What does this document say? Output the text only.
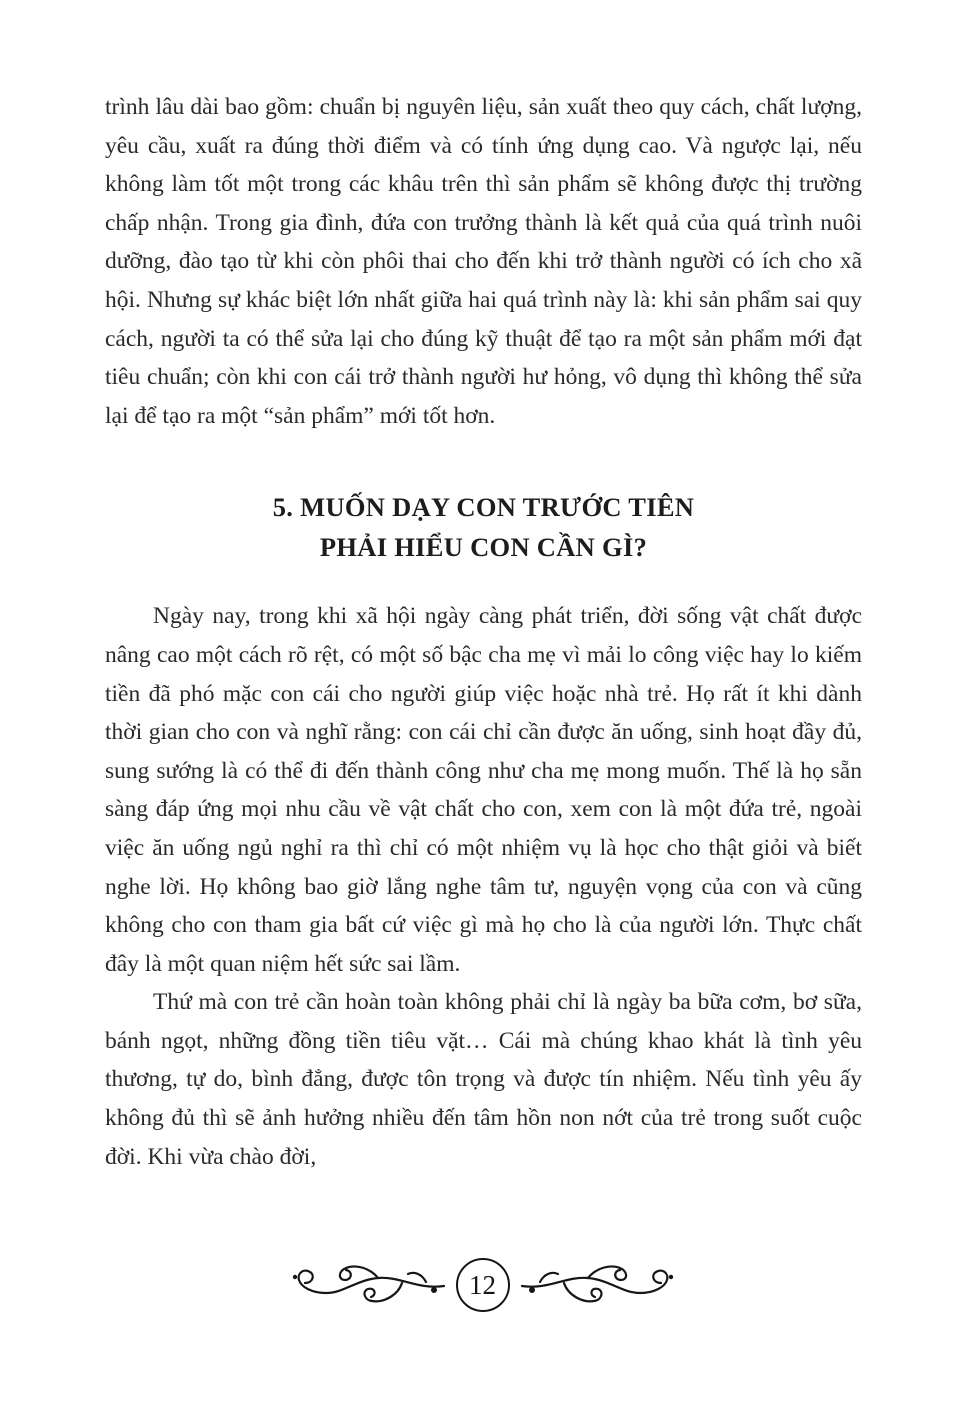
trình lâu dài bao gồm: chuẩn bị nguyên liệu, sản xuất theo quy cách, chất lượng, yêu cầu, xuất ra đúng thời điểm và có tính ứng dụng cao. Và ngược lại, nếu không làm tốt một trong các khâu trên thì sản phẩm sẽ không được thị trường chấp nhận. Trong gia đình, đứa con trưởng thành là kết quả của quá trình nuôi dưỡng, đào tạo từ khi còn phôi thai cho đến khi trở thành người có ích cho xã hội. Nhưng sự khác biệt lớn nhất giữa hai quá trình này là: khi sản phẩm sai quy cách, người ta có thể sửa lại cho đúng kỹ thuật để tạo ra một sản phẩm mới đạt tiêu chuẩn; còn khi con cái trở thành người hư hỏng, vô dụng thì không thể sửa lại để tạo ra một “sản phẩm” mới tốt hơn.

5. MUỐN DẠY CON TRƯỚC TIÊN
PHẢI HIỂU CON CẦN GÌ?

Ngày nay, trong khi xã hội ngày càng phát triển, đời sống vật chất được nâng cao một cách rõ rệt, có một số bậc cha mẹ vì mải lo công việc hay lo kiếm tiền đã phó mặc con cái cho người giúp việc hoặc nhà trẻ. Họ rất ít khi dành thời gian cho con và nghĩ rằng: con cái chỉ cần được ăn uống, sinh hoạt đầy đủ, sung sướng là có thể đi đến thành công như cha mẹ mong muốn. Thế là họ sẵn sàng đáp ứng mọi nhu cầu về vật chất cho con, xem con là một đứa trẻ, ngoài việc ăn uống ngủ nghỉ ra thì chỉ có một nhiệm vụ là học cho thật giỏi và biết nghe lời. Họ không bao giờ lắng nghe tâm tư, nguyện vọng của con và cũng không cho con tham gia bất cứ việc gì mà họ cho là của người lớn. Thực chất đây là một quan niệm hết sức sai lầm.

Thứ mà con trẻ cần hoàn toàn không phải chỉ là ngày ba bữa cơm, bơ sữa, bánh ngọt, những đồng tiền tiêu vặt… Cái mà chúng khao khát là tình yêu thương, tự do, bình đẳng, được tôn trọng và được tín nhiệm. Nếu tình yêu ấy không đủ thì sẽ ảnh hưởng nhiều đến tâm hồn non nớt của trẻ trong suốt cuộc đời. Khi vừa chào đời,

12
